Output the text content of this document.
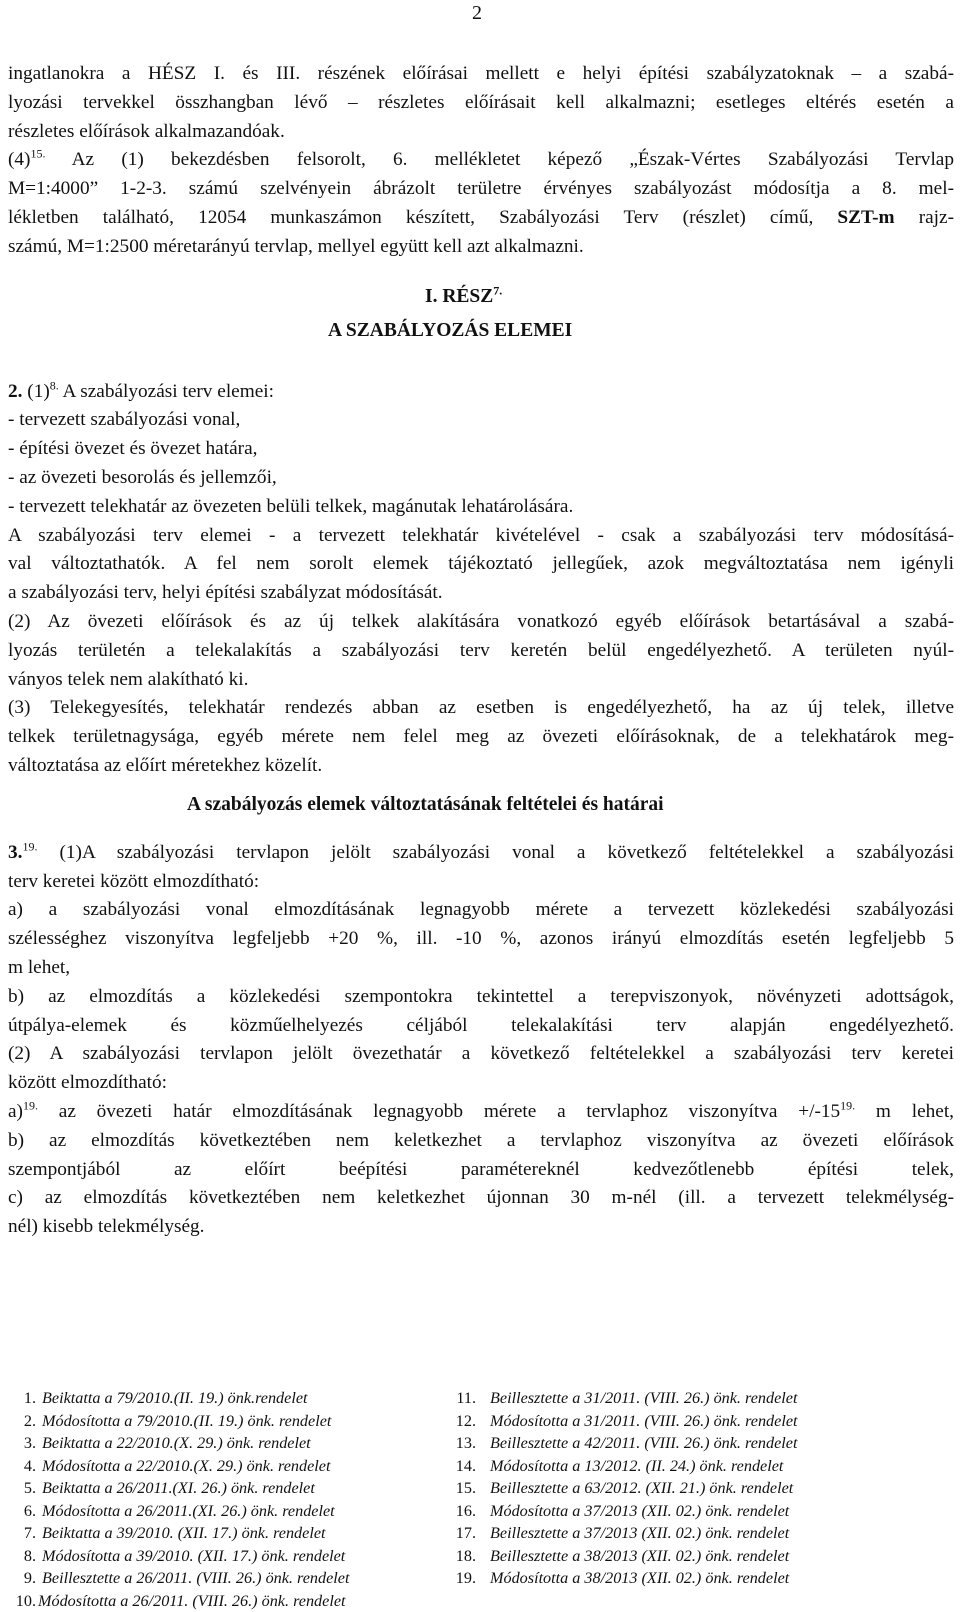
2
ingatlanokra a HÉSZ I. és III. részének előírásai mellett e helyi építési szabályzatoknak – a szabá-
lyozási tervekkel összhangban lévő – részletes előírásait kell alkalmazni; esetleges eltérés esetén a
részletes előírások alkalmazandóak.
$(4)^{15.}$ Az (1) bekezdésben felsorolt, 6. mellékletet képező „Észak-Vértes Szabályozási Tervlap
M=1:4000” 1-2-3. számú szelvényein ábrázolt területre érvényes szabályozást módosítja a 8. mel-
lékletben található, 12054 munkaszámon készített, Szabályozási Terv (részlet) című, SZT-m rajz-
számú, M=1:2500 méretarányú tervlap, mellyel együtt kell azt alkalmazni.
2. $(1)^{8.}$ A szabályozási terv elemei:
- tervezett szabályozási vonal,
- építési övezet és övezet határa,
- az övezeti besorolás és jellemzői,
- tervezett telekhatár az övezeten belüli telkek, magánutak lehatárolására.
A szabályozási terv elemei - a tervezett telekhatár kivételével - csak a szabályozási terv módosításá-
val változtathatók. A fel nem sorolt elemek tájékoztató jellegűek, azok megváltoztatása nem igényli
a szabályozási terv, helyi építési szabályzat módosítását.
(2) Az övezeti előírások és az új telkek alakítására vonatkozó egyéb előírások betartásával a szabá-
lyozás területén a telekalakítás a szabályozási terv keretén belül engedélyezhető. A területen nyúl-
ványos telek nem alakítható ki.
(3) Telekegyesítés, telekhatár rendezés abban az esetben is engedélyezhető, ha az új telek, illetve
telkek területnagysága, egyéb mérete nem felel meg az övezeti előírásoknak, de a telekhatárok meg-
változtatása az előírt méretekhez közelít.
3.$^{19.}$ (1)A szabályozási tervlapon jelölt szabályozási vonal a következő feltételekkel a szabályozási
terv keretei között elmozdítható:
a) a szabályozási vonal elmozdításának legnagyobb mérete a tervezett közlekedési szabályozási
szélességhez viszonyítva legfeljebb +20 %, ill. -10 %, azonos irányú elmozdítás esetén legfeljebb 5
m lehet,
b) az elmozdítás a közlekedési szempontokra tekintettel a terepviszonyok, növényzeti adottságok,
útpálya-elemek és közműelhelyezés céljából telekalakítási terv alapján engedélyezhető.
(2) A szabályozási tervlapon jelölt övezethatár a következő feltételekkel a szabályozási terv keretei
között elmozdítható:
a)$^{19.}$ az övezeti határ elmozdításának legnagyobb mérete a tervlaphoz viszonyítva $+/-15^{19.}$ m lehet,
b) az elmozdítás következtében nem keletkezhet a tervlaphoz viszonyítva az övezeti előírások
szempontjából az előírt beépítési paramétereknél kedvezőtlenebb építési telek,
c) az elmozdítás következtében nem keletkezhet újonnan 30 m-nél (ill. a tervezett telekmélység-
nél) kisebb telekmélység.
I. $RÉSZ^{7.}$
A SZABÁLYOZÁS ELEMEI
A szabályozás elemek változtatásának feltételei és határai
1. Beiktatta a 79/2010.(II. 19.) önk.rendelet
2. Módosította a 79/2010.(II. 19.) önk. rendelet
3. Beiktatta a 22/2010.(X. 29.) önk. rendelet
4. Módosította a 22/2010.(X. 29.) önk. rendelet
5. Beiktatta a 26/2011.(XI. 26.) önk. rendelet
6. Módosította a 26/2011.(XI. 26.) önk. rendelet
7. Beiktatta a 39/2010. (XII. 17.) önk. rendelet
8. Módosította a 39/2010. (XII. 17.) önk. rendelet
9. Beillesztette a 26/2011. (VIII. 26.) önk. rendelet
10. Módosította a 26/2011. (VIII. 26.) önk. rendelet
11. Beillesztette a 31/2011. (VIII. 26.) önk. rendelet
12. Módosította a 31/2011. (VIII. 26.) önk. rendelet
13. Beillesztette a 42/2011. (VIII. 26.) önk. rendelet
14. Módosította a 13/2012. (II. 24.) önk. rendelet
15. Beillesztette a 63/2012. (XII. 21.) önk. rendelet
16. Módosította a 37/2013 (XII. 02.) önk. rendelet
17. Beillesztette a 37/2013 (XII. 02.) önk. rendelet
18. Beillesztette a 38/2013 (XII. 02.) önk. rendelet
19. Módosította a 38/2013 (XII. 02.) önk. rendelet
